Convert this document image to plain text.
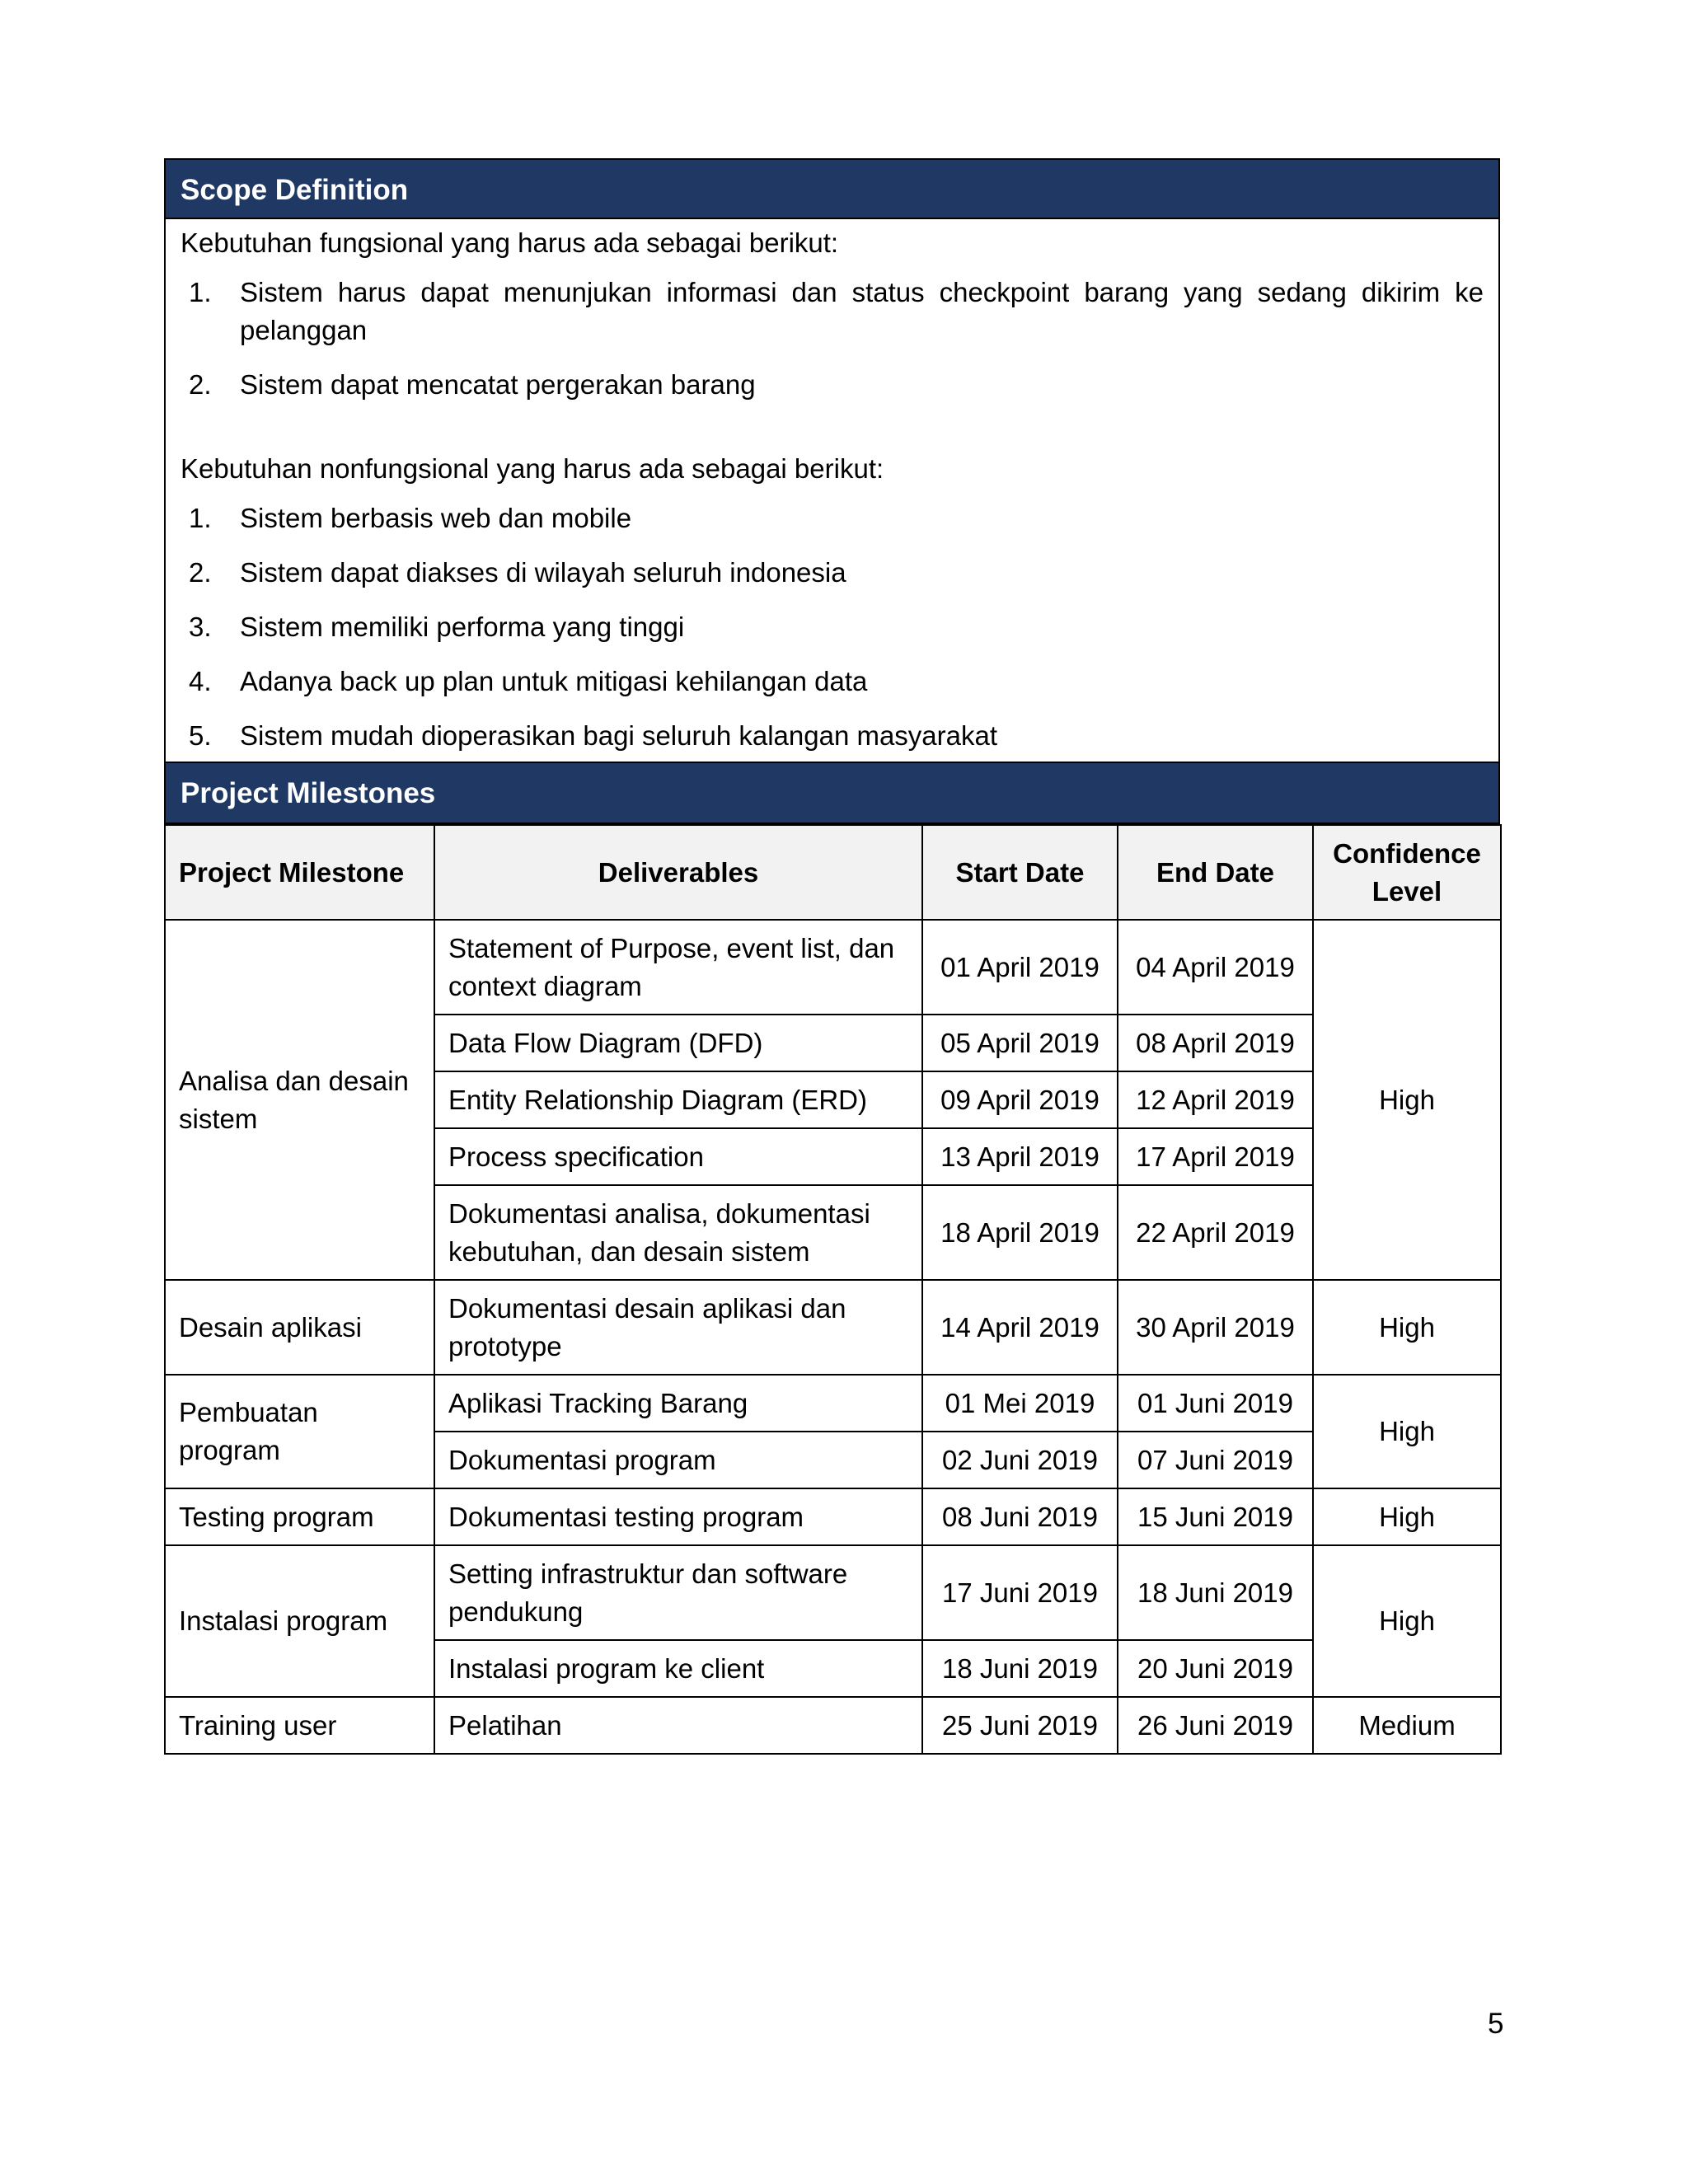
Scope Definition

Kebutuhan fungsional yang harus ada sebagai berikut:

1.	Sistem harus dapat menunjukan informasi dan status checkpoint barang yang sedang dikirim ke pelanggan
2.	Sistem dapat mencatat pergerakan barang

Kebutuhan nonfungsional yang harus ada sebagai berikut:

1.	Sistem berbasis web dan mobile
2.	Sistem dapat diakses di wilayah seluruh indonesia
3.	Sistem memiliki performa yang tinggi
4.	Adanya back up plan untuk mitigasi kehilangan data
5.	Sistem mudah dioperasikan bagi seluruh kalangan masyarakat
Project Milestones
Project Milestone	Deliverables	Start Date	End Date	Confidence Level
Analisa dan desain sistem	Statement of Purpose, event list, dan context diagram	01 April 2019	04 April 2019	High
	Data Flow Diagram (DFD)	05 April 2019	08 April 2019	
	Entity Relationship Diagram (ERD)	09 April 2019	12 April 2019	
	Process specification	13 April 2019	17 April 2019	
	Dokumentasi analisa, dokumentasi kebutuhan, dan desain sistem	18 April 2019	22 April 2019	
Desain aplikasi	Dokumentasi desain aplikasi dan prototype	14 April 2019	30 April 2019	High
Pembuatan program	Aplikasi Tracking Barang	01 Mei 2019	01 Juni 2019	High
	Dokumentasi program	02 Juni 2019	07 Juni 2019	
Testing program	Dokumentasi testing program	08 Juni 2019	15 Juni 2019	High
Instalasi program	Setting infrastruktur dan software pendukung	17 Juni 2019	18 Juni 2019	High
	Instalasi program ke client	18 Juni 2019	20 Juni 2019	
Training user	Pelatihan	25 Juni 2019	26 Juni 2019	Medium
5
